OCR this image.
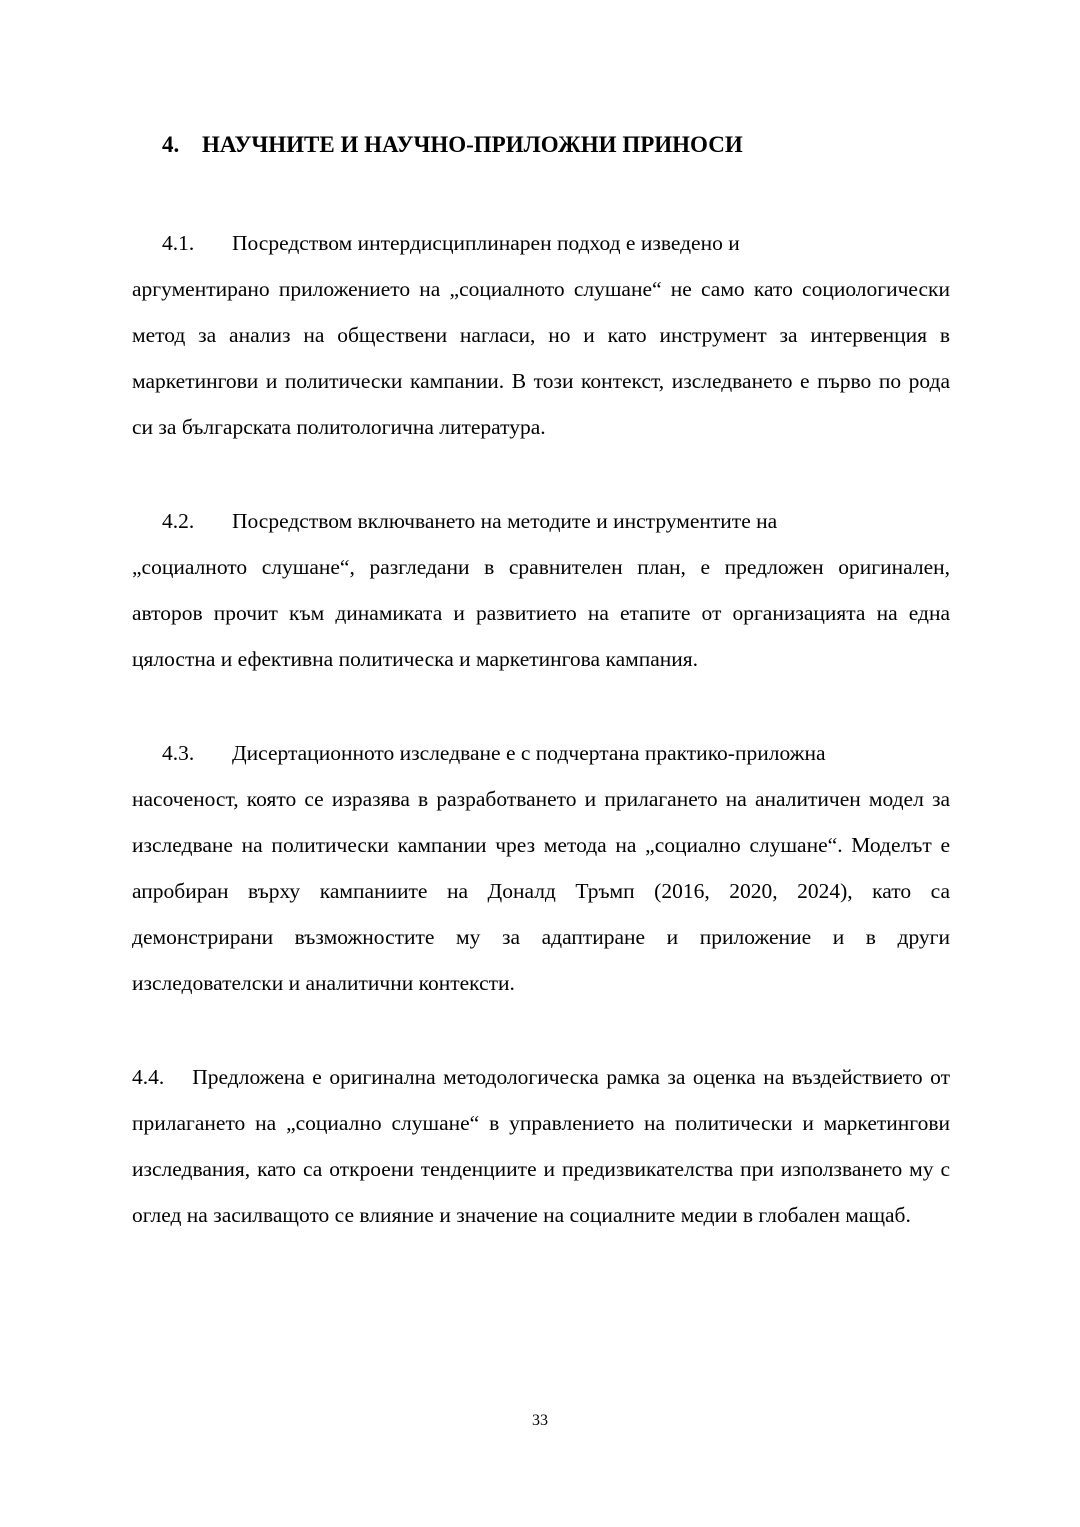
4. НАУЧНИТЕ И НАУЧНО-ПРИЛОЖНИ ПРИНОСИ
4.1. Посредством интердисциплинарен подход е изведено и

аргументирано приложението на „социалното слушане“ не само като социологически метод за анализ на обществени нагласи, но и като инструмент за интервенция в маркетингови и политически кампании. В този контекст, изследването е първо по рода си за българската политологична литература.

4.2. Посредством включването на методите и инструментите на

„социалното слушане“, разгледани в сравнителен план, е предложен оригинален, авторов прочит към динамиката и развитието на етапите от организацията на една цялостна и ефективна политическа и маркетингова кампания.

4.3. Дисертационното изследване е с подчертана практико-приложна

насоченост, която се изразява в разработването и прилагането на аналитичен модел за изследване на политически кампании чрез метода на „социално слушане“. Моделът е апробиран върху кампаниите на Доналд Тръмп (2016, 2020, 2024), като са демонстрирани възможностите му за адаптиране и приложение и в други изследователски и аналитични контексти.

4.4. Предложена е оригинална методологическа рамка за оценка на въздействието от прилагането на „социално слушане“ в управлението на политически и маркетингови изследвания, като са откроени тенденциите и предизвикателства при използването му с оглед на засилващото се влияние и значение на социалните медии в глобален мащаб.

33
